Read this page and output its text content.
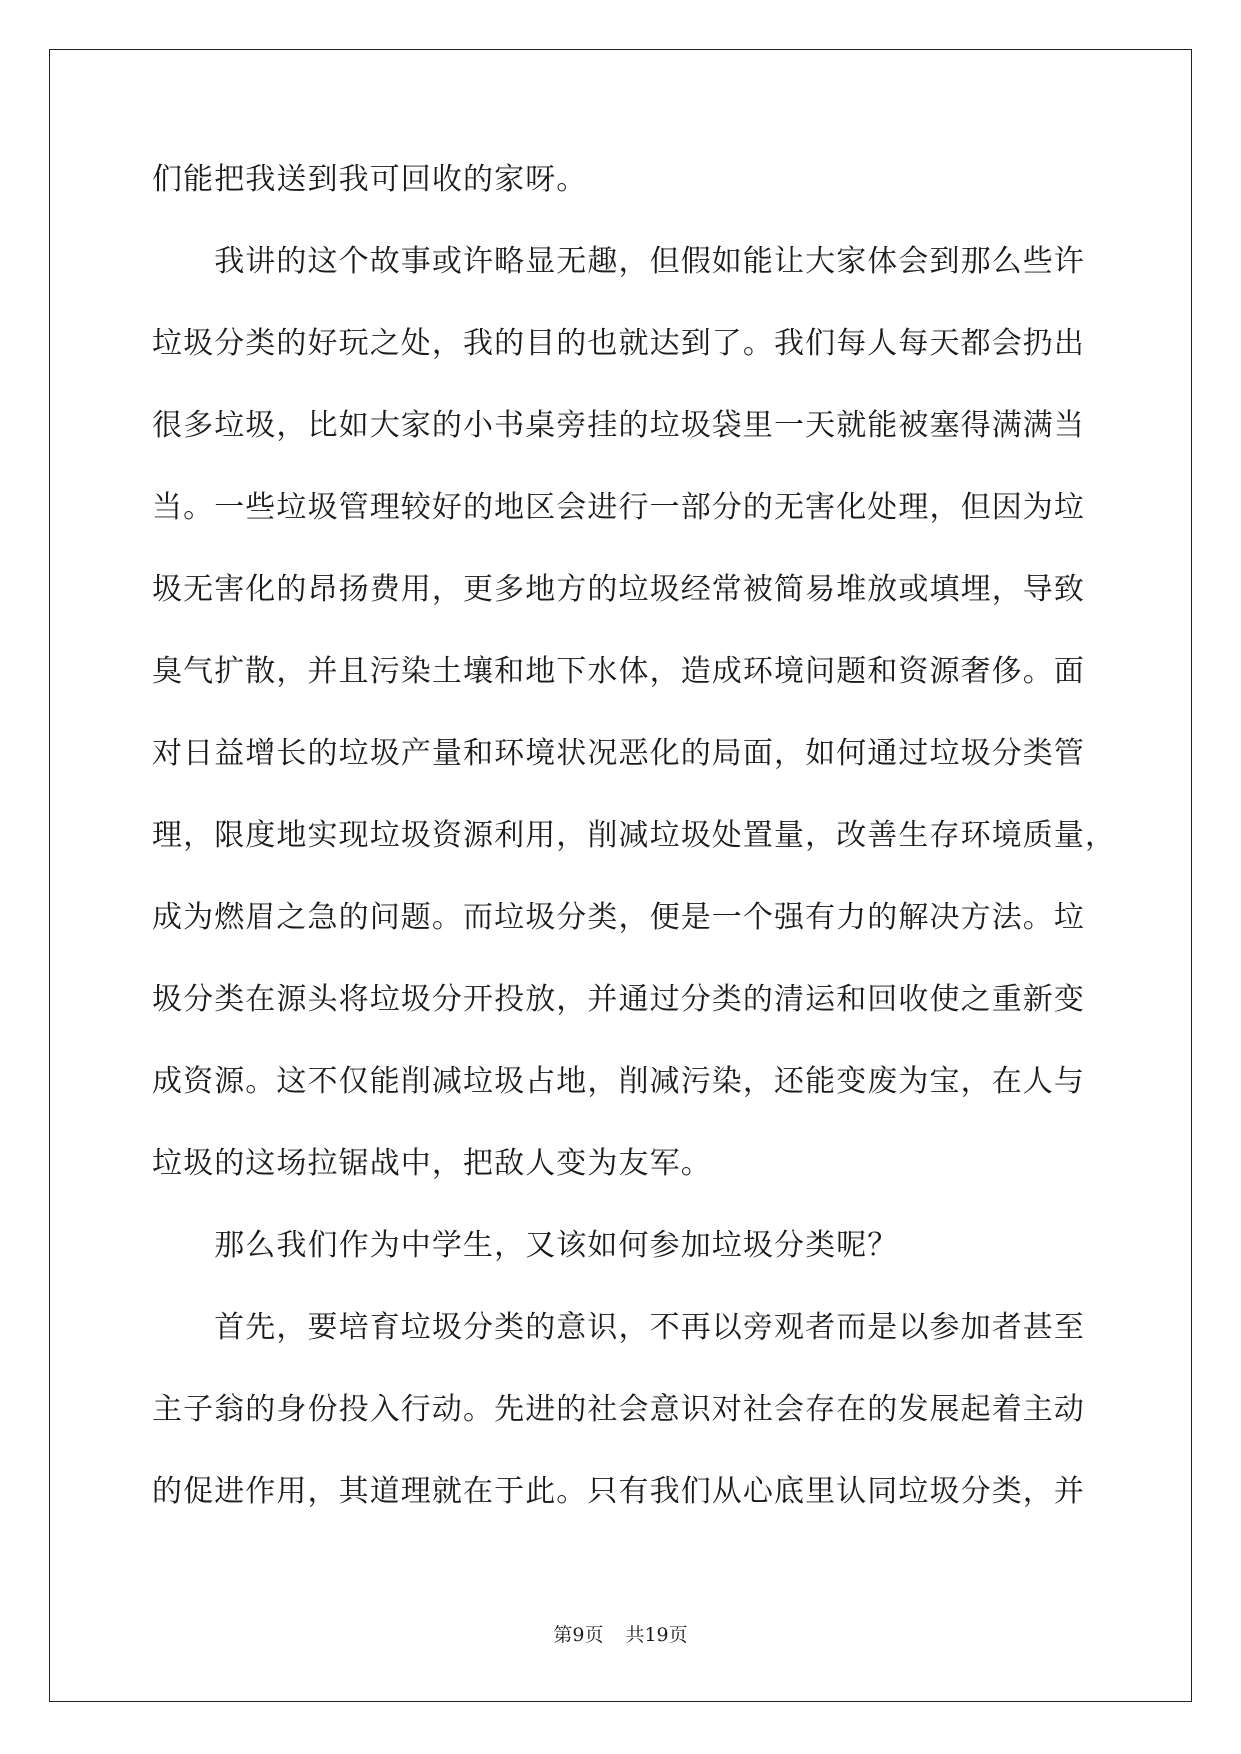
们能把我送到我可回收的家呀。
　　我讲的这个故事或许略显无趣，但假如能让大家体会到那么些许
垃圾分类的好玩之处，我的目的也就达到了。我们每人每天都会扔出
很多垃圾，比如大家的小书桌旁挂的垃圾袋里一天就能被塞得满满当
当。一些垃圾管理较好的地区会进行一部分的无害化处理，但因为垃
圾无害化的昂扬费用，更多地方的垃圾经常被简易堆放或填埋，导致
臭气扩散，并且污染土壤和地下水体，造成环境问题和资源奢侈。面
对日益增长的垃圾产量和环境状况恶化的局面，如何通过垃圾分类管
理，限度地实现垃圾资源利用，削减垃圾处置量，改善生存环境质量，
成为燃眉之急的问题。而垃圾分类，便是一个强有力的解决方法。垃
圾分类在源头将垃圾分开投放，并通过分类的清运和回收使之重新变
成资源。这不仅能削减垃圾占地，削减污染，还能变废为宝，在人与
垃圾的这场拉锯战中，把敌人变为友军。
　　那么我们作为中学生，又该如何参加垃圾分类呢？
　　首先，要培育垃圾分类的意识，不再以旁观者而是以参加者甚至
主子翁的身份投入行动。先进的社会意识对社会存在的发展起着主动
的促进作用，其道理就在于此。只有我们从心底里认同垃圾分类，并
第9页 共19页
